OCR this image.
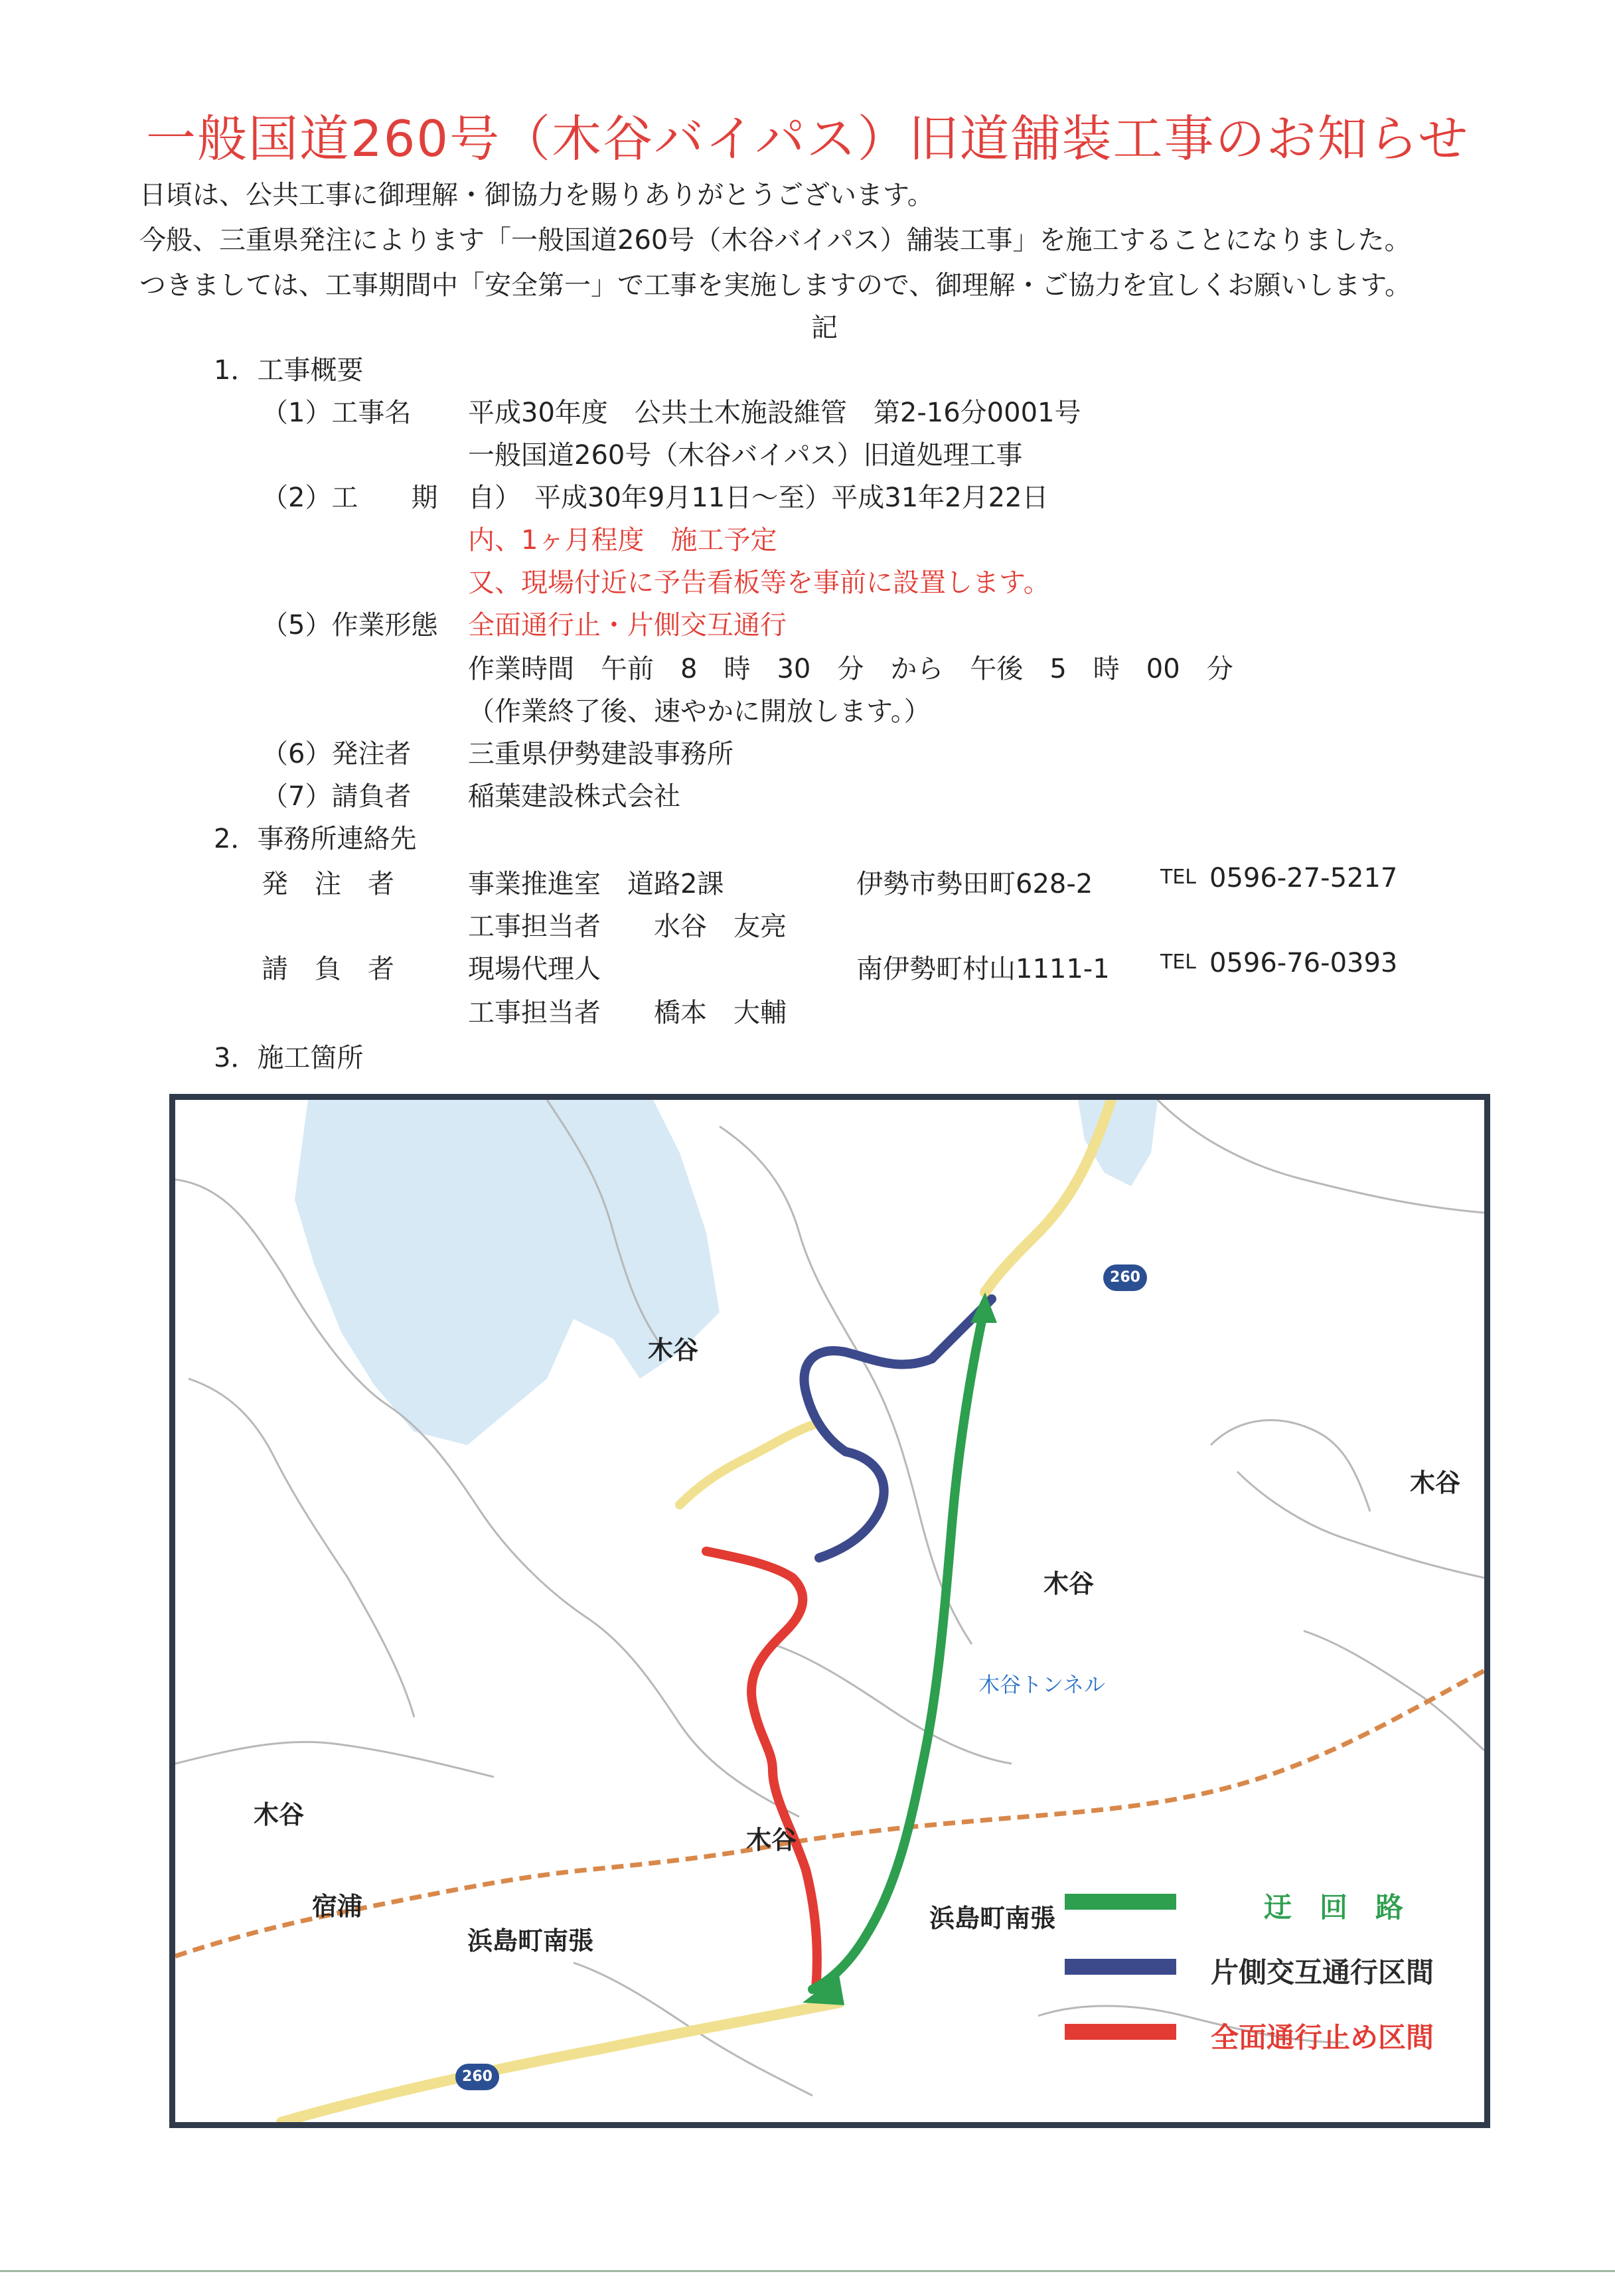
一般国道260号（木谷バイパス）旧道舗装工事のお知らせ
日頃は、公共工事に御理解・御協力を賜りありがとうございます。
今般、三重県発注によります「一般国道260号（木谷バイパス）舗装工事」を施工することになりました。
つきましては、工事期間中「安全第一」で工事を実施しますので、御理解・ご協力を宜しくお願いします。
記
1．工事概要
（1）工事名 平成30年度　公共土木施設維管　第2-16分0001号
一般国道260号（木谷バイパス）旧道処理工事
（2）工　　期 自）　平成30年9月11日～至）平成31年2月22日
内、1ヶ月程度　施工予定
又、現場付近に予告看板等を事前に設置します。
（5）作業形態 全面通行止・片側交互通行
作業時間　午前　8　時　30　分　から　午後　5　時　00　分
（作業終了後、速やかに開放します。）
（6）発注者 三重県伊勢建設事務所
（7）請負者 稲葉建設株式会社
2．事務所連絡先
発　注　者	事業推進室　道路2課	伊勢市勢田町628-2	TEL 0596-27-5217
工事担当者　　水谷　友亮
請　負　者	現場代理人	南伊勢町村山1111-1	TEL 0596-76-0393
工事担当者　　橋本　大輔
3．施工箇所
260
260
木谷
木谷
木谷
木谷
木谷
宿浦
浜島町南張
浜島町南張
木谷トンネル
迂　回　路
片側交互通行区間
全面通行止め区間
